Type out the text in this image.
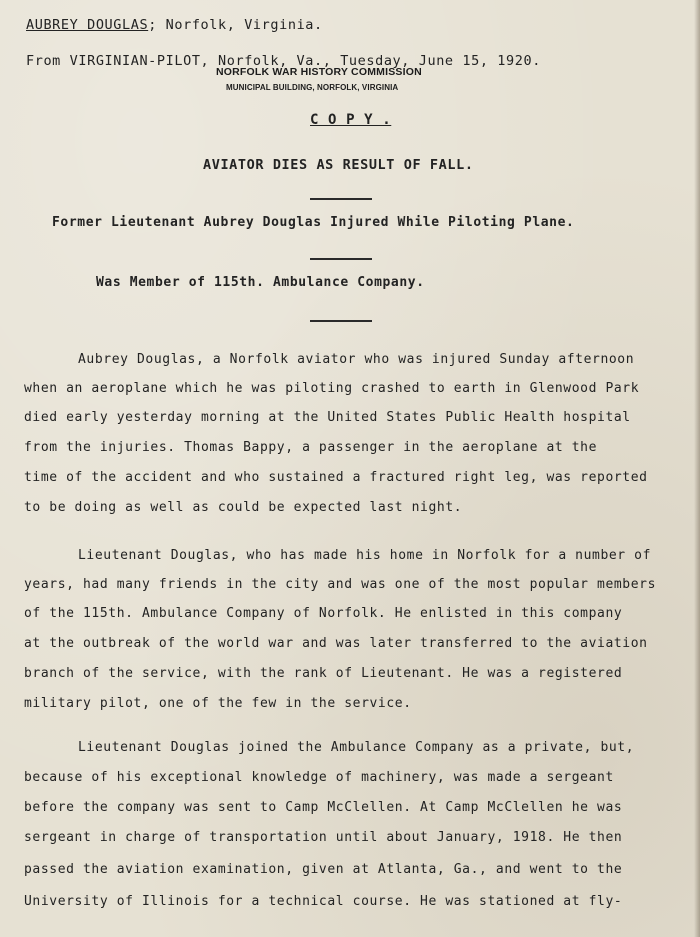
AUBREY DOUGLAS; Norfolk, Virginia.
From VIRGINIAN-PILOT, Norfolk, Va., Tuesday, June 15, 1920.
NORFOLK WAR HISTORY COMMISSION
MUNICIPAL BUILDING, NORFOLK, VIRGINIA
C O P Y .
AVIATOR DIES AS RESULT OF FALL.
Former Lieutenant Aubrey Douglas Injured While Piloting Plane.
Was Member of 115th. Ambulance Company.
Aubrey Douglas, a Norfolk aviator who was injured Sunday afternoon
when an aeroplane which he was piloting crashed to earth in Glenwood Park
died early yesterday morning at the United States Public Health hospital
from the injuries. Thomas Bappy, a passenger in the aeroplane at the
time of the accident and who sustained a fractured right leg, was reported
to be doing as well as could be expected last night.
Lieutenant Douglas, who has made his home in Norfolk for a number of
years, had many friends in the city and was one of the most popular members
of the 115th. Ambulance Company of Norfolk. He enlisted in this company
at the outbreak of the world war and was later transferred to the aviation
branch of the service, with the rank of Lieutenant. He was a registered
military pilot, one of the few in the service.
Lieutenant Douglas joined the Ambulance Company as a private, but,
because of his exceptional knowledge of machinery, was made a sergeant
before the company was sent to Camp McClellen. At Camp McClellen he was
sergeant in charge of transportation until about January, 1918. He then
passed the aviation examination, given at Atlanta, Ga., and went to the
University of Illinois for a technical course. He was stationed at fly-
